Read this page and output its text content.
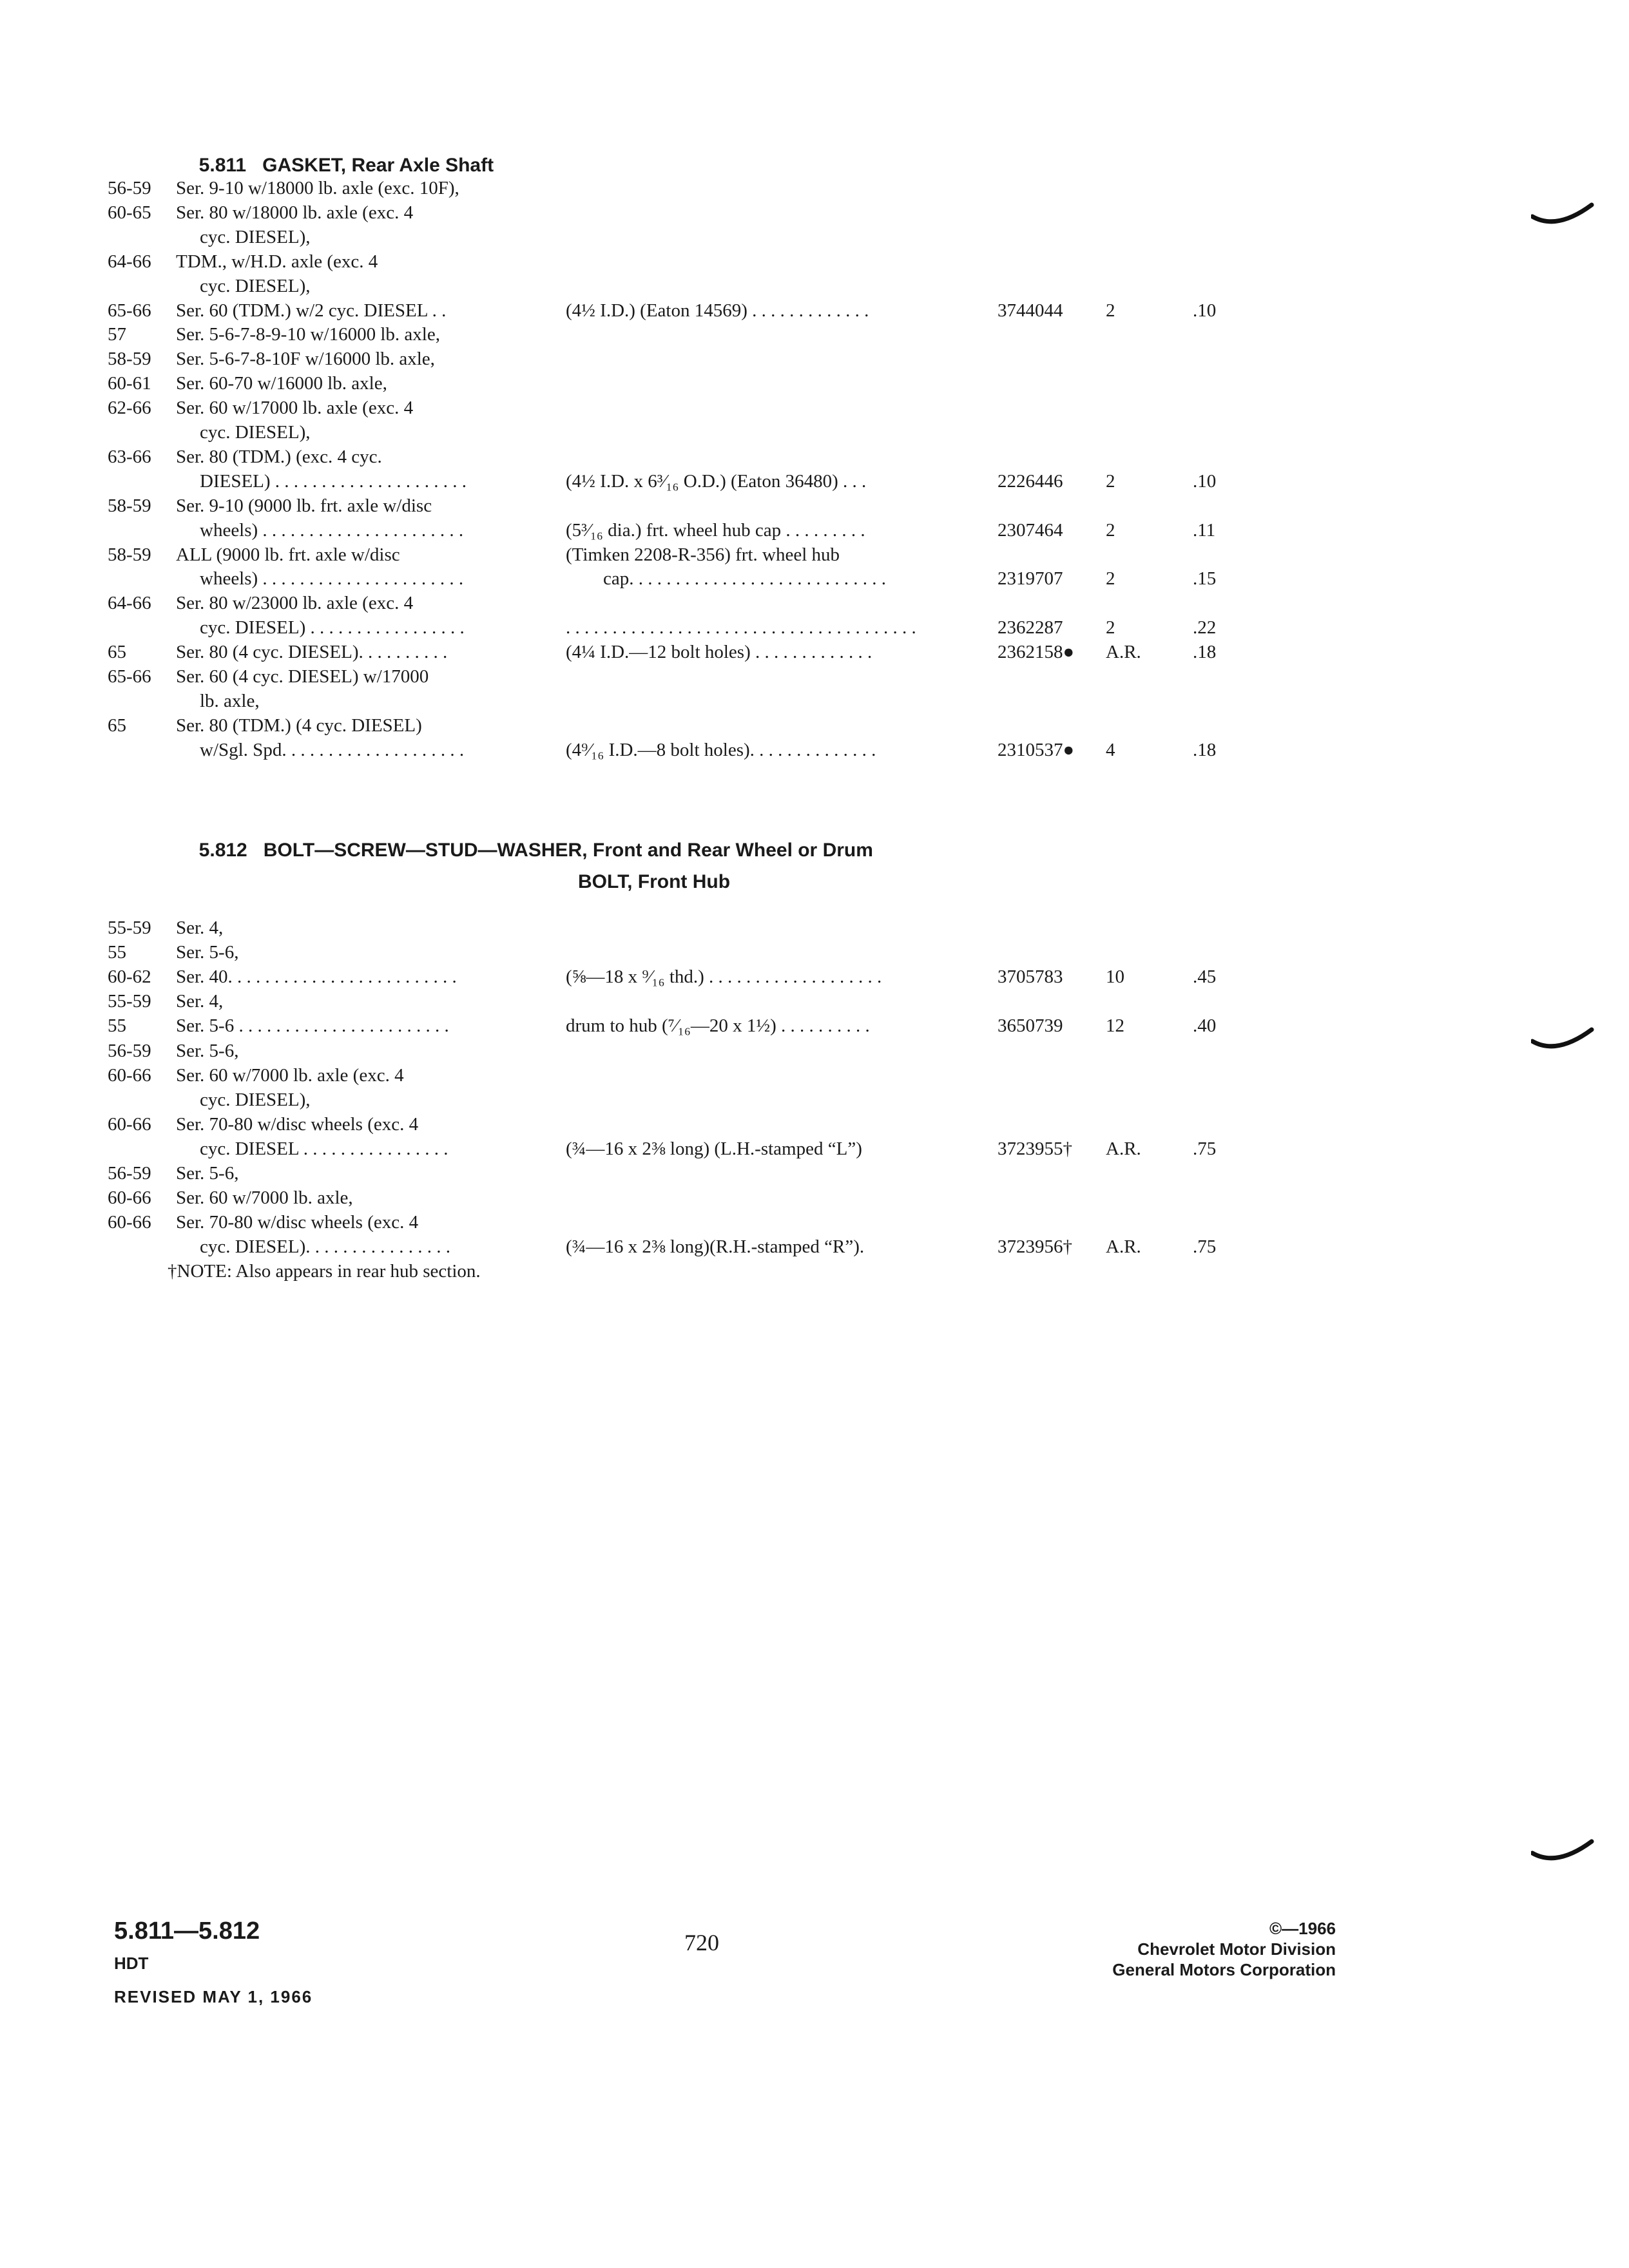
5.811 GASKET, Rear Axle Shaft

56-59 Ser. 9-10 w/18000 lb. axle (exc. 10F),
60-65 Ser. 80 w/18000 lb. axle (exc. 4
cyc. DIESEL),
64-66 TDM., w/H.D. axle (exc. 4
cyc. DIESEL),
65-66 Ser. 60 (TDM.) w/2 cyc. DIESEL . .	(4½ I.D.) (Eaton 14569) . . . . . . . . . . . . .	3744044 2	.10
57	Ser. 5-6-7-8-9-10 w/16000 lb. axle,
58-59 Ser. 5-6-7-8-10F w/16000 lb. axle,
60-61 Ser. 60-70 w/16000 lb. axle,
62-66 Ser. 60 w/17000 lb. axle (exc. 4
cyc. DIESEL),
63-66 Ser. 80 (TDM.) (exc. 4 cyc.
DIESEL) . . . . . . . . . . . . . . . . . . . . .	(4½ I.D. x 6³⁄₁₆ O.D.) (Eaton 36480) . . .	2226446 2	.10
58-59 Ser. 9-10 (9000 lb. frt. axle w/disc
wheels) . . . . . . . . . . . . . . . . . . . . . .	(5³⁄₁₆ dia.) frt. wheel hub cap . . . . . . . . .	2307464 2	.11
58-59 ALL (9000 lb. frt. axle w/disc	(Timken 2208-R-356) frt. wheel hub
wheels) . . . . . . . . . . . . . . . . . . . . . .	cap. . . . . . . . . . . . . . . . . . . . . . . . . . . .	2319707 2	.15
64-66 Ser. 80 w/23000 lb. axle (exc. 4
cyc. DIESEL) . . . . . . . . . . . . . . . . .	. . . . . . . . . . . . . . . . . . . . . . . . . . . . . . . . . . . . . .	2362287 2	.22
65	Ser. 80 (4 cyc. DIESEL). . . . . . . . . .	(4¼ I.D.—12 bolt holes) . . . . . . . . . . . . .	2362158● A.R.	.18
65-66 Ser. 60 (4 cyc. DIESEL) w/17000
lb. axle,
65	Ser. 80 (TDM.) (4 cyc. DIESEL)
w/Sgl. Spd. . . . . . . . . . . . . . . . . . . .	(4⁹⁄₁₆ I.D.—8 bolt holes). . . . . . . . . . . . . .	2310537● 4	.18

5.812 BOLT—SCREW—STUD—WASHER, Front and Rear Wheel or Drum

BOLT, Front Hub
55-59 Ser. 4,
55	Ser. 5-6,
60-62 Ser. 40. . . . . . . . . . . . . . . . . . . . . . . . .	(⅝—18 x ⁹⁄₁₆ thd.) . . . . . . . . . . . . . . . . . . .	3705783 10	.45
55-59 Ser. 4,
55	Ser. 5-6 . . . . . . . . . . . . . . . . . . . . . . .	drum to hub (⁷⁄₁₆—20 x 1½) . . . . . . . . . .	3650739 12	.40
56-59 Ser. 5-6,
60-66 Ser. 60 w/7000 lb. axle (exc. 4
cyc. DIESEL),
60-66 Ser. 70-80 w/disc wheels (exc. 4
cyc. DIESEL . . . . . . . . . . . . . . . .	(¾—16 x 2⅜ long) (L.H.-stamped “L”)	3723955† A.R.	.75
56-59 Ser. 5-6,
60-66 Ser. 60 w/7000 lb. axle,
60-66 Ser. 70-80 w/disc wheels (exc. 4
cyc. DIESEL). . . . . . . . . . . . . . . .	(¾—16 x 2⅜ long)(R.H.-stamped “R”).	3723956† A.R.	.75
†NOTE: Also appears in rear hub section.
5.811—5.812
HDT
REVISED MAY 1, 1966
720
©—1966
Chevrolet Motor Division
General Motors Corporation
